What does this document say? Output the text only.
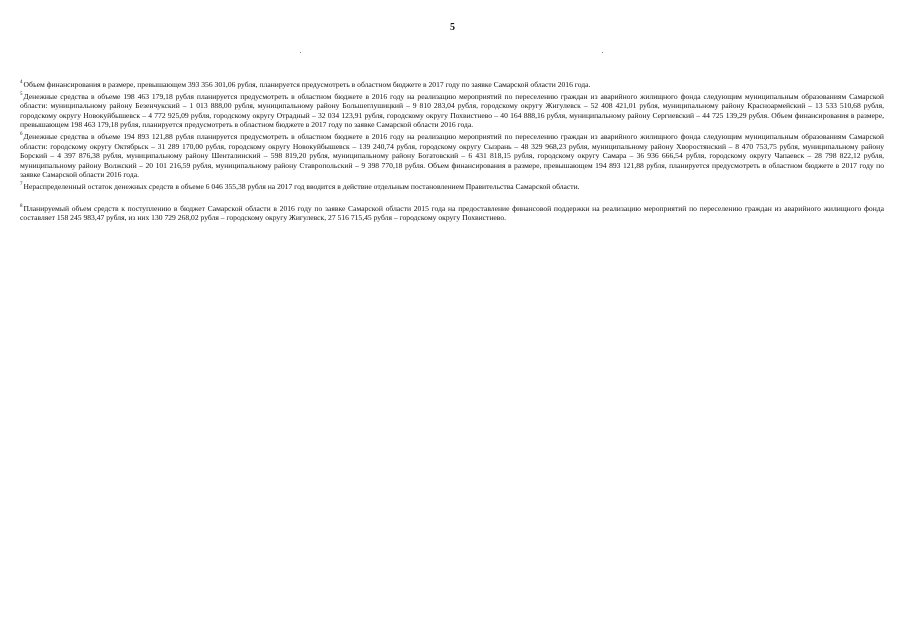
5

$^4$Объем финансирования в размере, превышающем 393 356 301,06 рубля, планируется предусмотреть в областном бюджете в 2017 году по заявке Самарской области 2016 года.

$^5$Денежные средства в объеме 198 463 179,18 рубля планируется предусмотреть в областном бюджете в 2016 году на реализацию мероприятий по переселению граждан из аварийного жилищного фонда следующим муниципальным образованиям Самарской области: муниципальному району Безенчукский – 1 013 888,00 рубля, муниципальному району Большеглушицкий – 9 810 283,04 рубля, городскому округу Жигулевск – 52 408 421,01 рубля, муниципальному району Красноармейский – 13 533 510,68 рубля, городскому округу Новокуйбышевск – 4 772 925,09 рубля, городскому округу Отрадный – 32 034 123,91 рубля, городскому округу Похвистнево – 40 164 888,16 рубля, муниципальному району Сергиевский – 44 725 139,29 рубля. Объем финансирования в размере, превышающем 198 463 179,18 рубля, планируется предусмотреть в областном бюджете в 2017 году по заявке Самарской области 2016 года.

$^6$Денежные средства в объеме 194 893 121,88 рубля планируется предусмотреть в областном бюджете в 2016 году на реализацию мероприятий по переселению граждан из аварийного жилищного фонда следующим муниципальным образованиям Самарской области: городскому округу Октябрьск – 31 289 170,00 рубля, городскому округу Новокуйбышевск – 139 240,74 рубля, городскому округу Сызрань – 48 329 968,23 рубля, муниципальному району Хворостянский – 8 470 753,75 рубля, муниципальному району Борский – 4 397 876,38 рубля, муниципальному району Шенталинский – 598 819,20 рубля, муниципальному району Богатовский – 6 431 818,15 рубля, городскому округу Самара – 36 936 666,54 рубля, городскому округу Чапаевск – 28 798 822,12 рубля, муниципальному району Волжский – 20 101 216,59 рубля, муниципальному району Ставропольский – 9 398 770,18 рубля. Объем финансирования в размере, превышающем 194 893 121,88 рубля, планируется предусмотреть в областном бюджете в 2017 году по заявке Самарской области 2016 года.

$^7$Нераспределенный остаток денежных средств в объеме 6 046 355,38 рубля на 2017 год вводится в действие отдельным постановлением Правительства Самарской области.

$^8$Планируемый объем средств к поступлению в бюджет Самарской области в 2016 году по заявке Самарской области 2015 года на предоставление финансовой поддержки на реализацию мероприятий по переселению граждан из аварийного жилищного фонда составляет 158 245 983,47 рубля, из них 130 729 268,02 рубля – городскому округу Жигулевск, 27 516 715,45 рубля – городскому округу Похвистнево.
